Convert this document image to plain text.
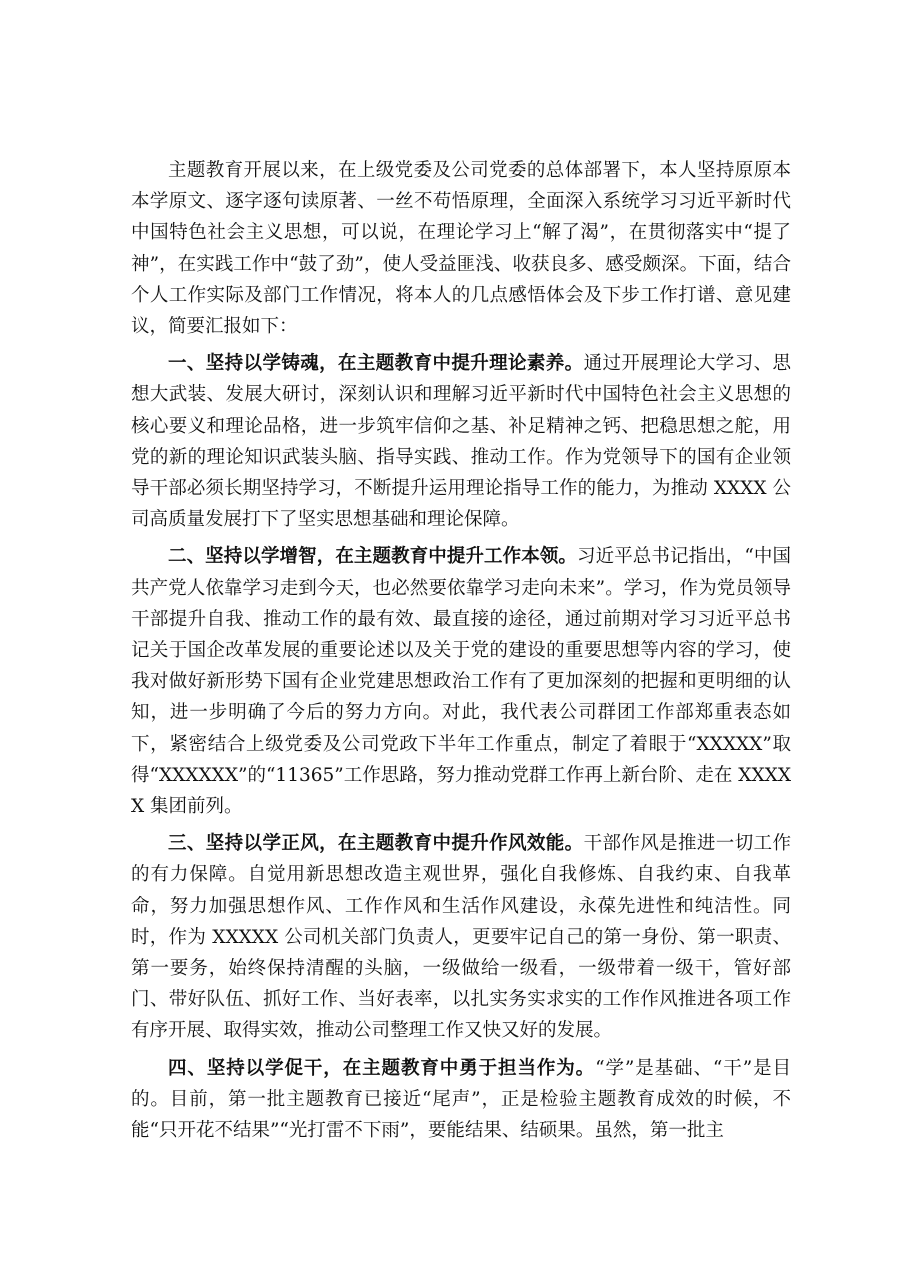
主题教育开展以来，在上级党委及公司党委的总体部署下，本人坚持原原本本学原文、逐字逐句读原著、一丝不苟悟原理，全面深入系统学习习近平新时代中国特色社会主义思想，可以说，在理论学习上“解了渴”，在贯彻落实中“提了神”，在实践工作中“鼓了劲”，使人受益匪浅、收获良多、感受颇深。下面，结合个人工作实际及部门工作情况，将本人的几点感悟体会及下步工作打谱、意见建议，简要汇报如下：

一、坚持以学铸魂，在主题教育中提升理论素养。通过开展理论大学习、思想大武装、发展大研讨，深刻认识和理解习近平新时代中国特色社会主义思想的核心要义和理论品格，进一步筑牢信仰之基、补足精神之钙、把稳思想之舵，用党的新的理论知识武装头脑、指导实践、推动工作。作为党领导下的国有企业领导干部必须长期坚持学习，不断提升运用理论指导工作的能力，为推动 XXXX 公司高质量发展打下了坚实思想基础和理论保障。

二、坚持以学增智，在主题教育中提升工作本领。习近平总书记指出，“中国共产党人依靠学习走到今天，也必然要依靠学习走向未来”。学习，作为党员领导干部提升自我、推动工作的最有效、最直接的途径，通过前期对学习习近平总书记关于国企改革发展的重要论述以及关于党的建设的重要思想等内容的学习，使我对做好新形势下国有企业党建思想政治工作有了更加深刻的把握和更明细的认知，进一步明确了今后的努力方向。对此，我代表公司群团工作部郑重表态如下，紧密结合上级党委及公司党政下半年工作重点，制定了着眼于“XXXXX”取得“XXXXXX”的“11365”工作思路，努力推动党群工作再上新台阶、走在 XXXXX 集团前列。

三、坚持以学正风，在主题教育中提升作风效能。干部作风是推进一切工作的有力保障。自觉用新思想改造主观世界，强化自我修炼、自我约束、自我革命，努力加强思想作风、工作作风和生活作风建设，永葆先进性和纯洁性。同时，作为 XXXXX 公司机关部门负责人，更要牢记自己的第一身份、第一职责、第一要务，始终保持清醒的头脑，一级做给一级看，一级带着一级干，管好部门、带好队伍、抓好工作、当好表率，以扎实务实求实的工作作风推进各项工作有序开展、取得实效，推动公司整理工作又快又好的发展。

四、坚持以学促干，在主题教育中勇于担当作为。“学”是基础、“干”是目的。目前，第一批主题教育已接近“尾声”，正是检验主题教育成效的时候，不能“只开花不结果”“光打雷不下雨”，要能结果、结硕果。虽然，第一批主
